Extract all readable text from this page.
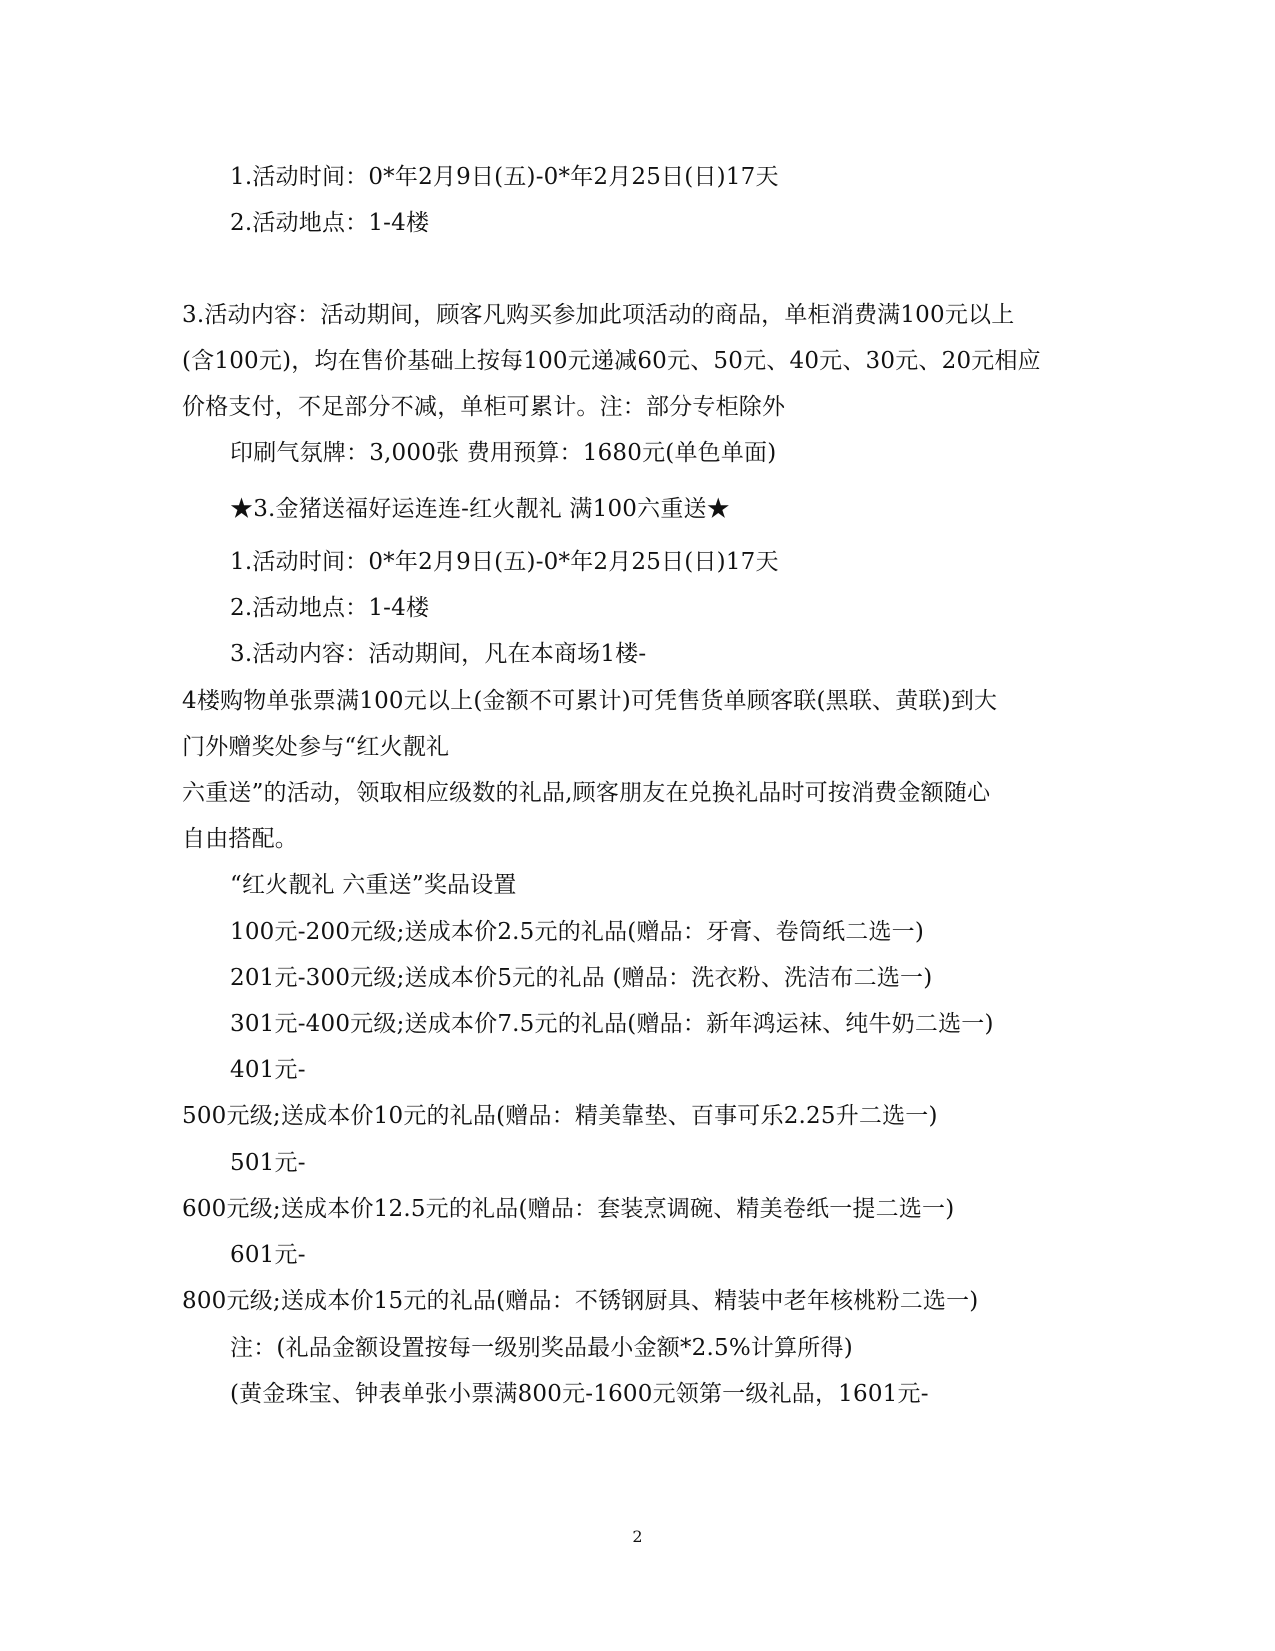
1.活动时间：0*年2月9日(五)-0*年2月25日(日)17天
2.活动地点：1-4楼
3.活动内容：活动期间，顾客凡购买参加此项活动的商品，单柜消费满100元以上
(含100元)，均在售价基础上按每100元递减60元、50元、40元、30元、20元相应
价格支付，不足部分不减，单柜可累计。注：部分专柜除外
印刷气氛牌：3,000张 费用预算：1680元(单色单面)
★3.金猪送福好运连连-红火靓礼 满100六重送★
1.活动时间：0*年2月9日(五)-0*年2月25日(日)17天
2.活动地点：1-4楼
3.活动内容：活动期间，凡在本商场1楼-
4楼购物单张票满100元以上(金额不可累计)可凭售货单顾客联(黑联、黄联)到大
门外赠奖处参与“红火靓礼
六重送”的活动，领取相应级数的礼品,顾客朋友在兑换礼品时可按消费金额随心
自由搭配。
“红火靓礼 六重送”奖品设置
100元-200元级;送成本价2.5元的礼品(赠品：牙膏、卷筒纸二选一)
201元-300元级;送成本价5元的礼品 (赠品：洗衣粉、洗洁布二选一)
301元-400元级;送成本价7.5元的礼品(赠品：新年鸿运袜、纯牛奶二选一)
401元-
500元级;送成本价10元的礼品(赠品：精美靠垫、百事可乐2.25升二选一)
501元-
600元级;送成本价12.5元的礼品(赠品：套装烹调碗、精美卷纸一提二选一)
601元-
800元级;送成本价15元的礼品(赠品：不锈钢厨具、精装中老年核桃粉二选一)
注：(礼品金额设置按每一级别奖品最小金额*2.5%计算所得)
(黄金珠宝、钟表单张小票满800元-1600元领第一级礼品，1601元-
2
